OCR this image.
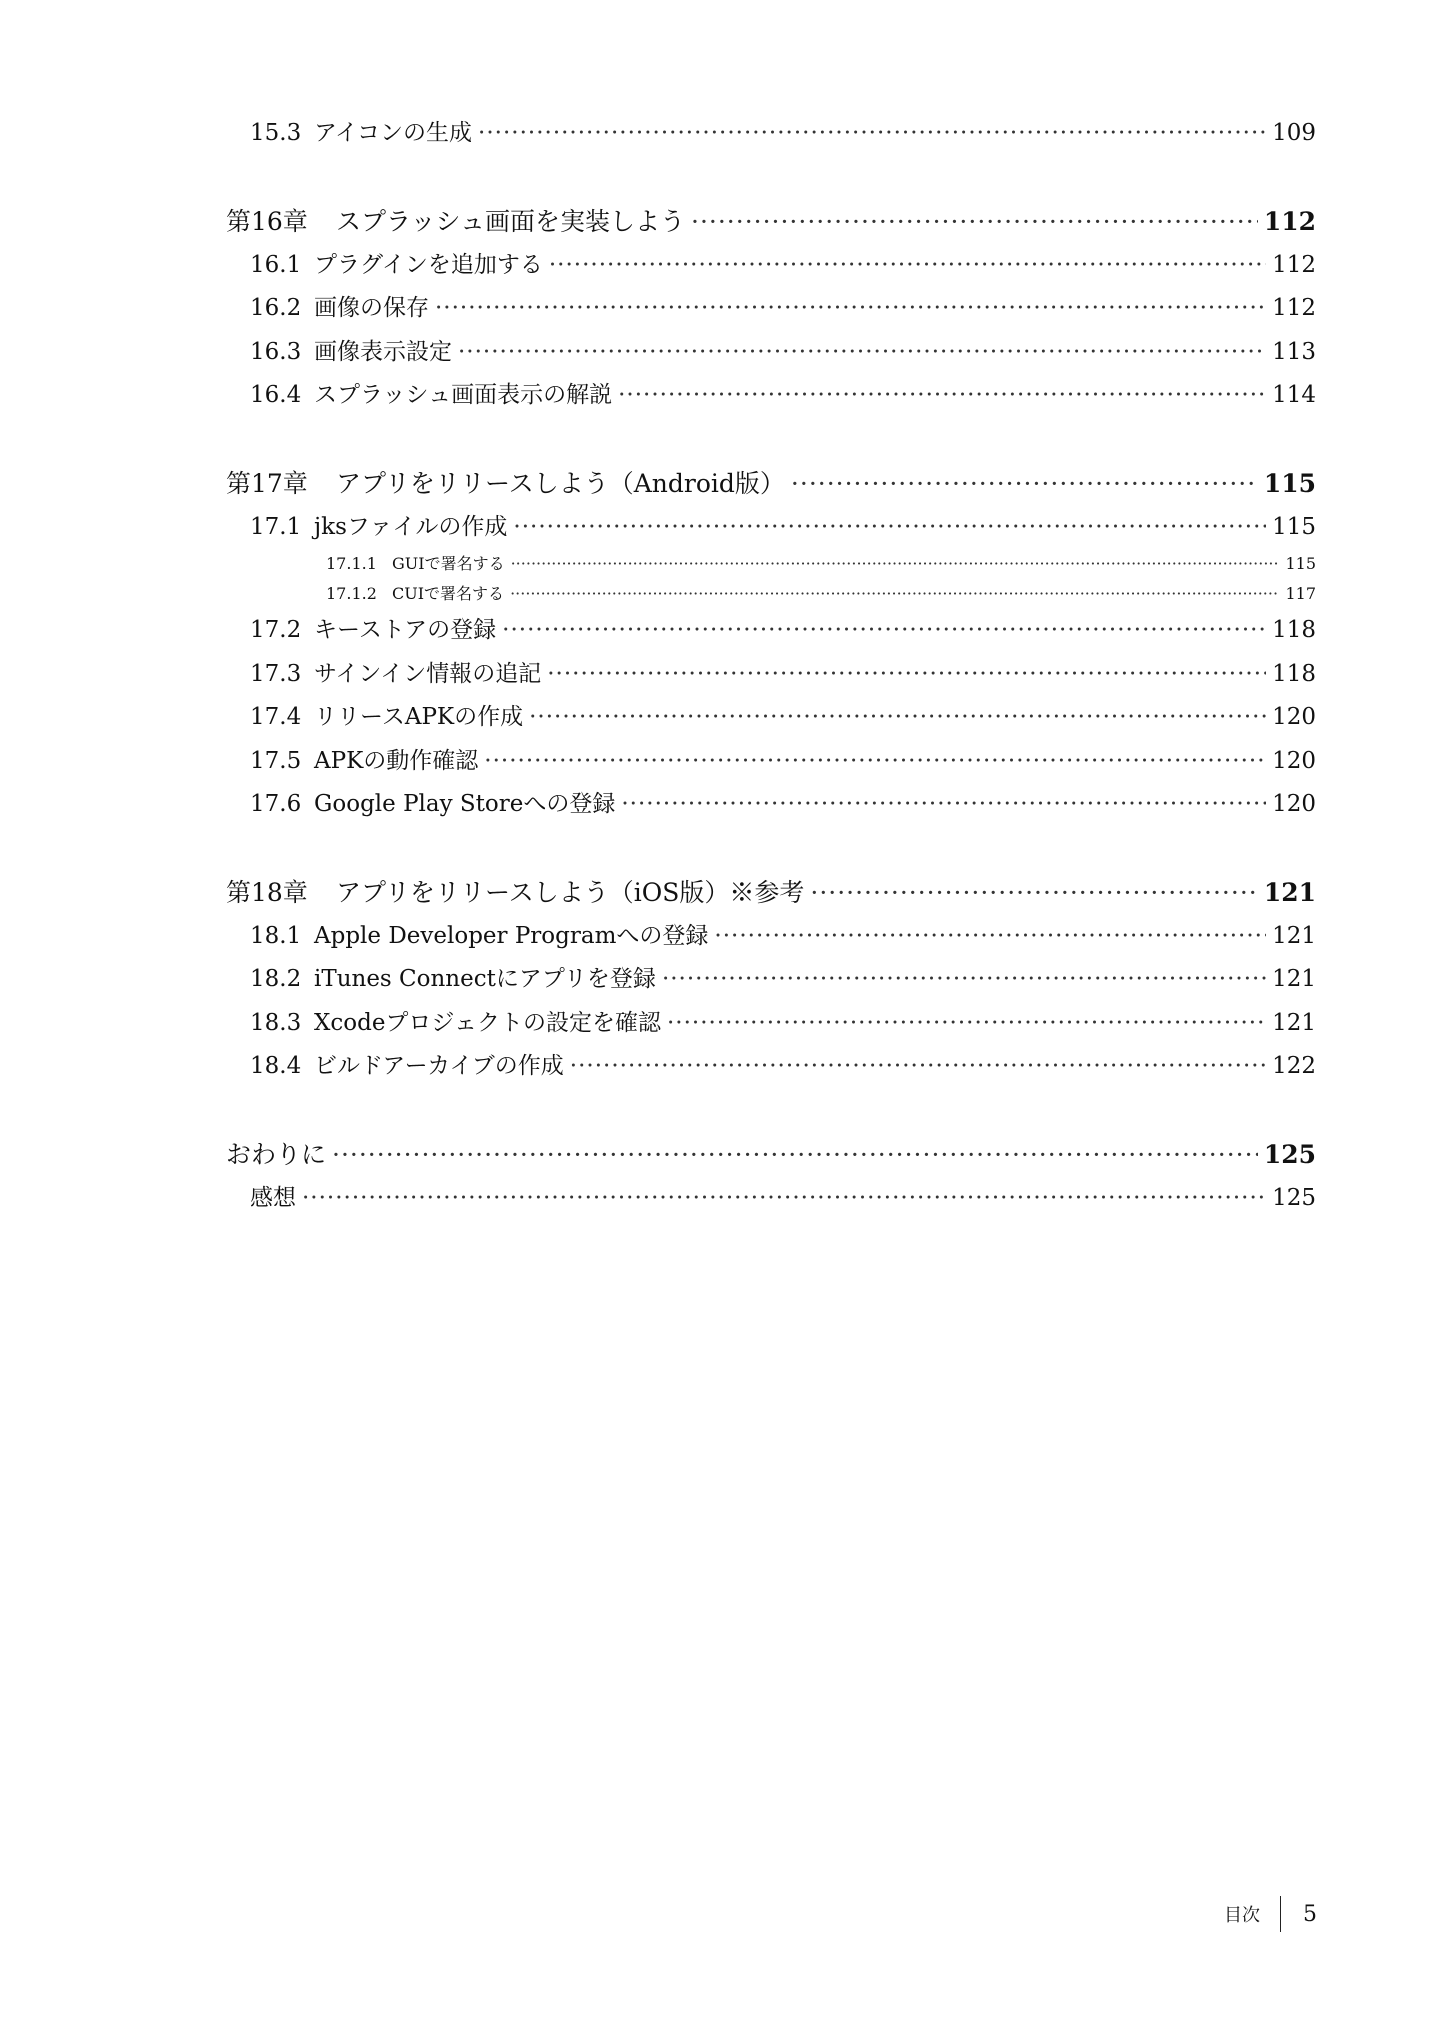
15.3 アイコンの生成 ·····	109
第16章	スプラッシュ画面を実装しよう ·····	112
16.1 プラグインを追加する ·····	112
16.2 画像の保存 ·····	112
16.3 画像表示設定 ·····	113
16.4 スプラッシュ画面表示の解説 ·····	114
第17章	アプリをリリースしよう（Android版） ·····	115
17.1 jksファイルの作成 ·····	115
17.1.1 GUIで署名する ·····	115
17.1.2 CUIで署名する ·····	117
17.2 キーストアの登録 ·····	118
17.3 サインイン情報の追記 ·····	118
17.4 リリースAPKの作成 ·····	120
17.5 APKの動作確認 ·····	120
17.6 Google Play Storeへの登録 ·····	120
第18章	アプリをリリースしよう（iOS版）※参考 ·····	121
18.1 Apple Developer Programへの登録 ·····	121
18.2 iTunes Connectにアプリを登録 ·····	121
18.3 Xcodeプロジェクトの設定を確認 ·····	121
18.4 ビルドアーカイブの作成 ·····	122
おわりに ·····	125
感想 ·····	125
目次 5
